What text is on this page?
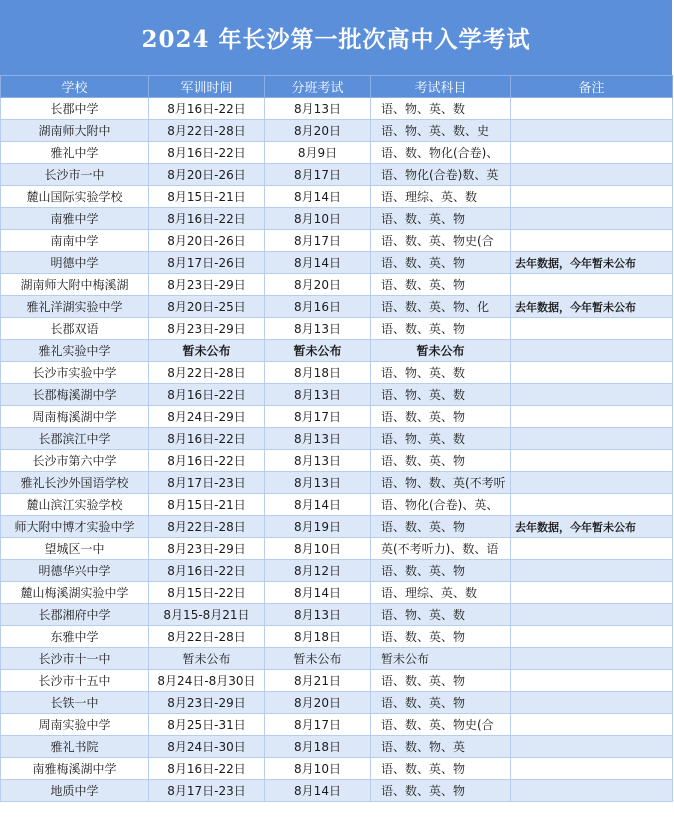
2024 年长沙第一批次高中入学考试
学校	军训时间	分班考试	考试科目	备注
长郡中学	8月16日-22日	8月13日	语、物、英、数	
湖南师大附中	8月22日-28日	8月20日	语、物、英、数、史	
雅礼中学	8月16日-22日	8月9日	语、数、物化(合卷)、	
长沙市一中	8月20日-26日	8月17日	语、物化(合卷)数、英	
麓山国际实验学校	8月15日-21日	8月14日	语、理综、英、数	
南雅中学	8月16日-22日	8月10日	语、数、英、物	
南南中学	8月20日-26日	8月17日	语、数、英、物史(合	
明德中学	8月17日-26日	8月14日	语、数、英、物	去年数据，今年暂未公布
湖南师大附中梅溪湖	8月23日-29日	8月20日	语、数、英、物	
雅礼洋湖实验中学	8月20日-25日	8月16日	语、数、英、物、化	去年数据，今年暂未公布
长郡双语	8月23日-29日	8月13日	语、数、英、物	
雅礼实验中学	暂未公布	暂未公布	暂未公布	
长沙市实验中学	8月22日-28日	8月18日	语、物、英、数	
长郡梅溪湖中学	8月16日-22日	8月13日	语、物、英、数	
周南梅溪湖中学	8月24日-29日	8月17日	语、数、英、物	
长郡滨江中学	8月16日-22日	8月13日	语、物、英、数	
长沙市第六中学	8月16日-22日	8月13日	语、数、英、物	
雅礼长沙外国语学校	8月17日-23日	8月13日	语、物、数、英(不考听	
麓山滨江实验学校	8月15日-21日	8月14日	语、物化(合卷)、英、	
师大附中博才实验中学	8月22日-28日	8月19日	语、数、英、物	去年数据，今年暂未公布
望城区一中	8月23日-29日	8月10日	英(不考听力)、数、语	
明德华兴中学	8月16日-22日	8月12日	语、数、英、物	
麓山梅溪湖实验中学	8月15日-22日	8月14日	语、理综、英、数	
长郡湘府中学	8月15-8月21日	8月13日	语、物、英、数	
东雅中学	8月22日-28日	8月18日	语、数、英、物	
长沙市十一中	暂未公布	暂未公布	暂未公布	
长沙市十五中	8月24日-8月30日	8月21日	语、数、英、物	
长铁一中	8月23日-29日	8月20日	语、数、英、物	
周南实验中学	8月25日-31日	8月17日	语、数、英、物史(合	
雅礼书院	8月24日-30日	8月18日	语、数、物、英	
南雅梅溪湖中学	8月16日-22日	8月10日	语、数、英、物	
地质中学	8月17日-23日	8月14日	语、数、英、物	
